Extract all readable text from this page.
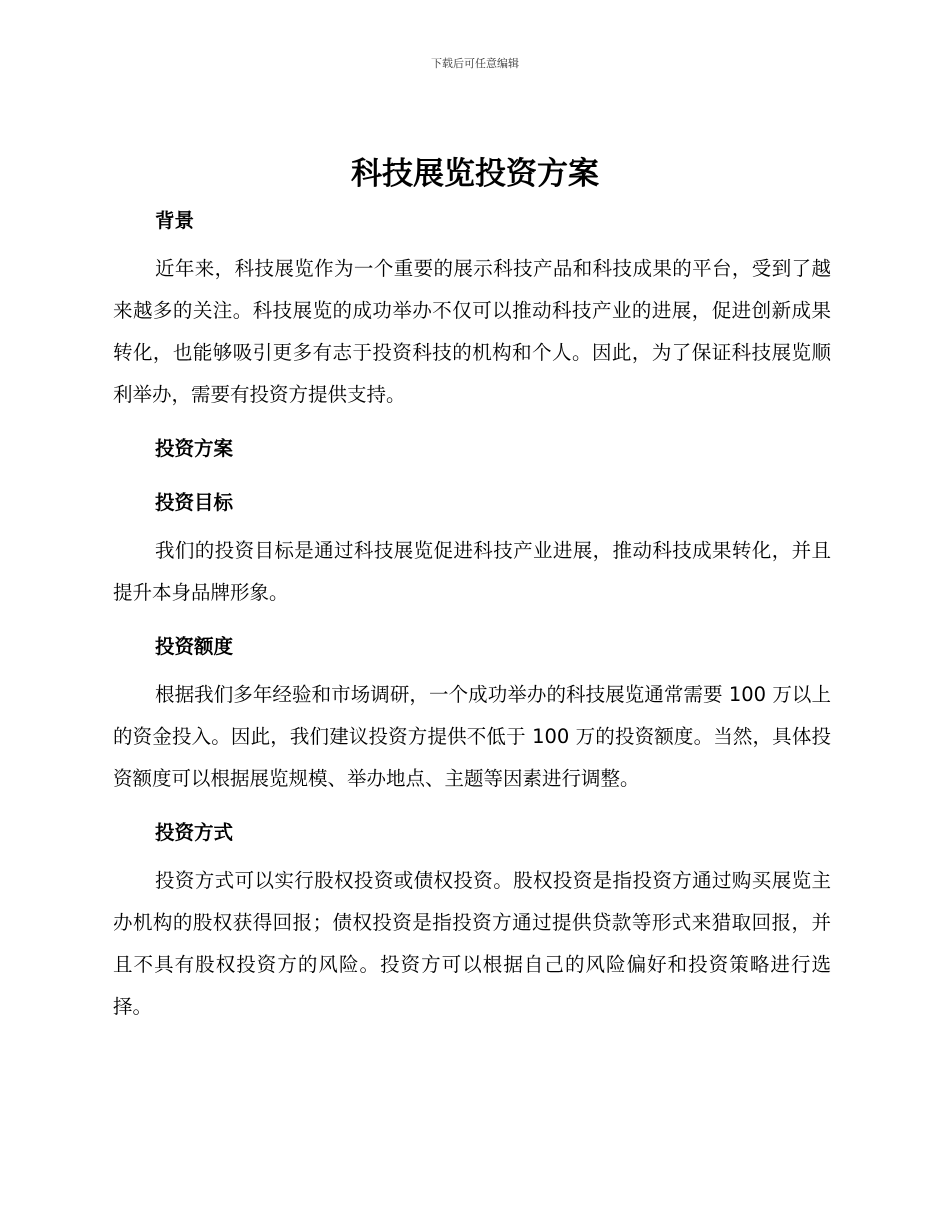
下载后可任意编辑
科技展览投资方案
背景

近年来，科技展览作为一个重要的展示科技产品和科技成果的平台，受到了越来越多的关注。科技展览的成功举办不仅可以推动科技产业的进展，促进创新成果转化，也能够吸引更多有志于投资科技的机构和个人。因此，为了保证科技展览顺利举办，需要有投资方提供支持。

投资方案
投资目标

我们的投资目标是通过科技展览促进科技产业进展，推动科技成果转化，并且提升本身品牌形象。

投资额度

根据我们多年经验和市场调研，一个成功举办的科技展览通常需要 100 万以上的资金投入。因此，我们建议投资方提供不低于 100 万的投资额度。当然，具体投资额度可以根据展览规模、举办地点、主题等因素进行调整。

投资方式

投资方式可以实行股权投资或债权投资。股权投资是指投资方通过购买展览主办机构的股权获得回报；债权投资是指投资方通过提供贷款等形式来猎取回报，并且不具有股权投资方的风险。投资方可以根据自己的风险偏好和投资策略进行选择。
